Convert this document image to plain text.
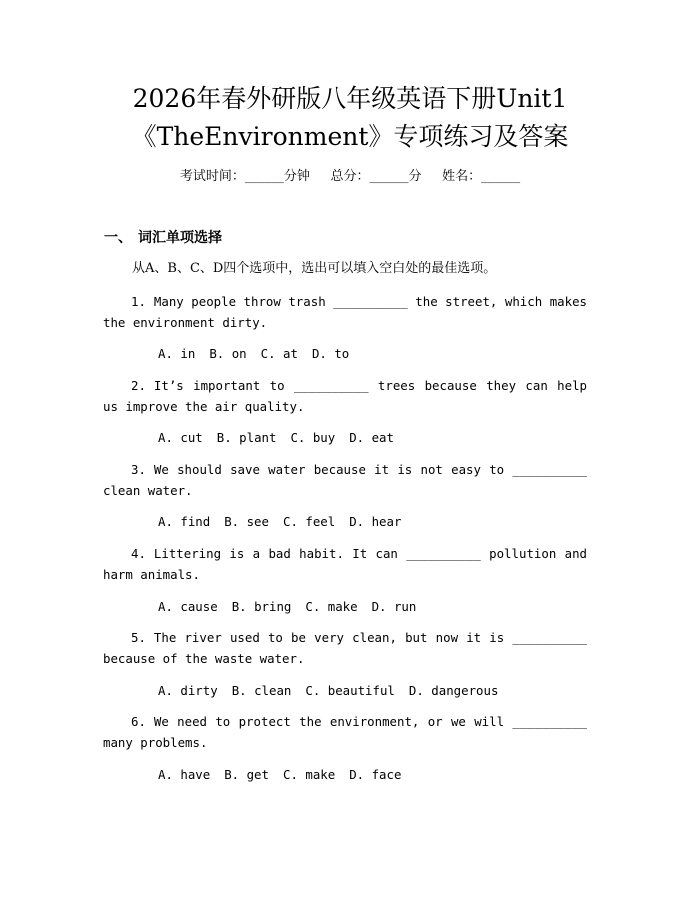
2026年春外研版八年级英语下册Unit1
《TheEnvironment》专项练习及答案
考试时间：______分钟     总分：______分     姓名：______
一、 词汇单项选择
从A、B、C、D四个选项中，选出可以填入空白处的最佳选项。
1. Many people throw trash __________ the street, which makes the environment dirty.
A. in B. on C. at D. to
2. It’s important to __________ trees because they can help us improve the air quality.
A. cut B. plant C. buy D. eat
3. We should save water because it is not easy to __________ clean water.
A. find B. see C. feel D. hear
4. Littering is a bad habit. It can __________ pollution and harm animals.
A. cause B. bring C. make D. run
5. The river used to be very clean, but now it is __________ because of the waste water.
A. dirty B. clean C. beautiful D. dangerous
6. We need to protect the environment, or we will __________ many problems.
A. have B. get C. make D. face
